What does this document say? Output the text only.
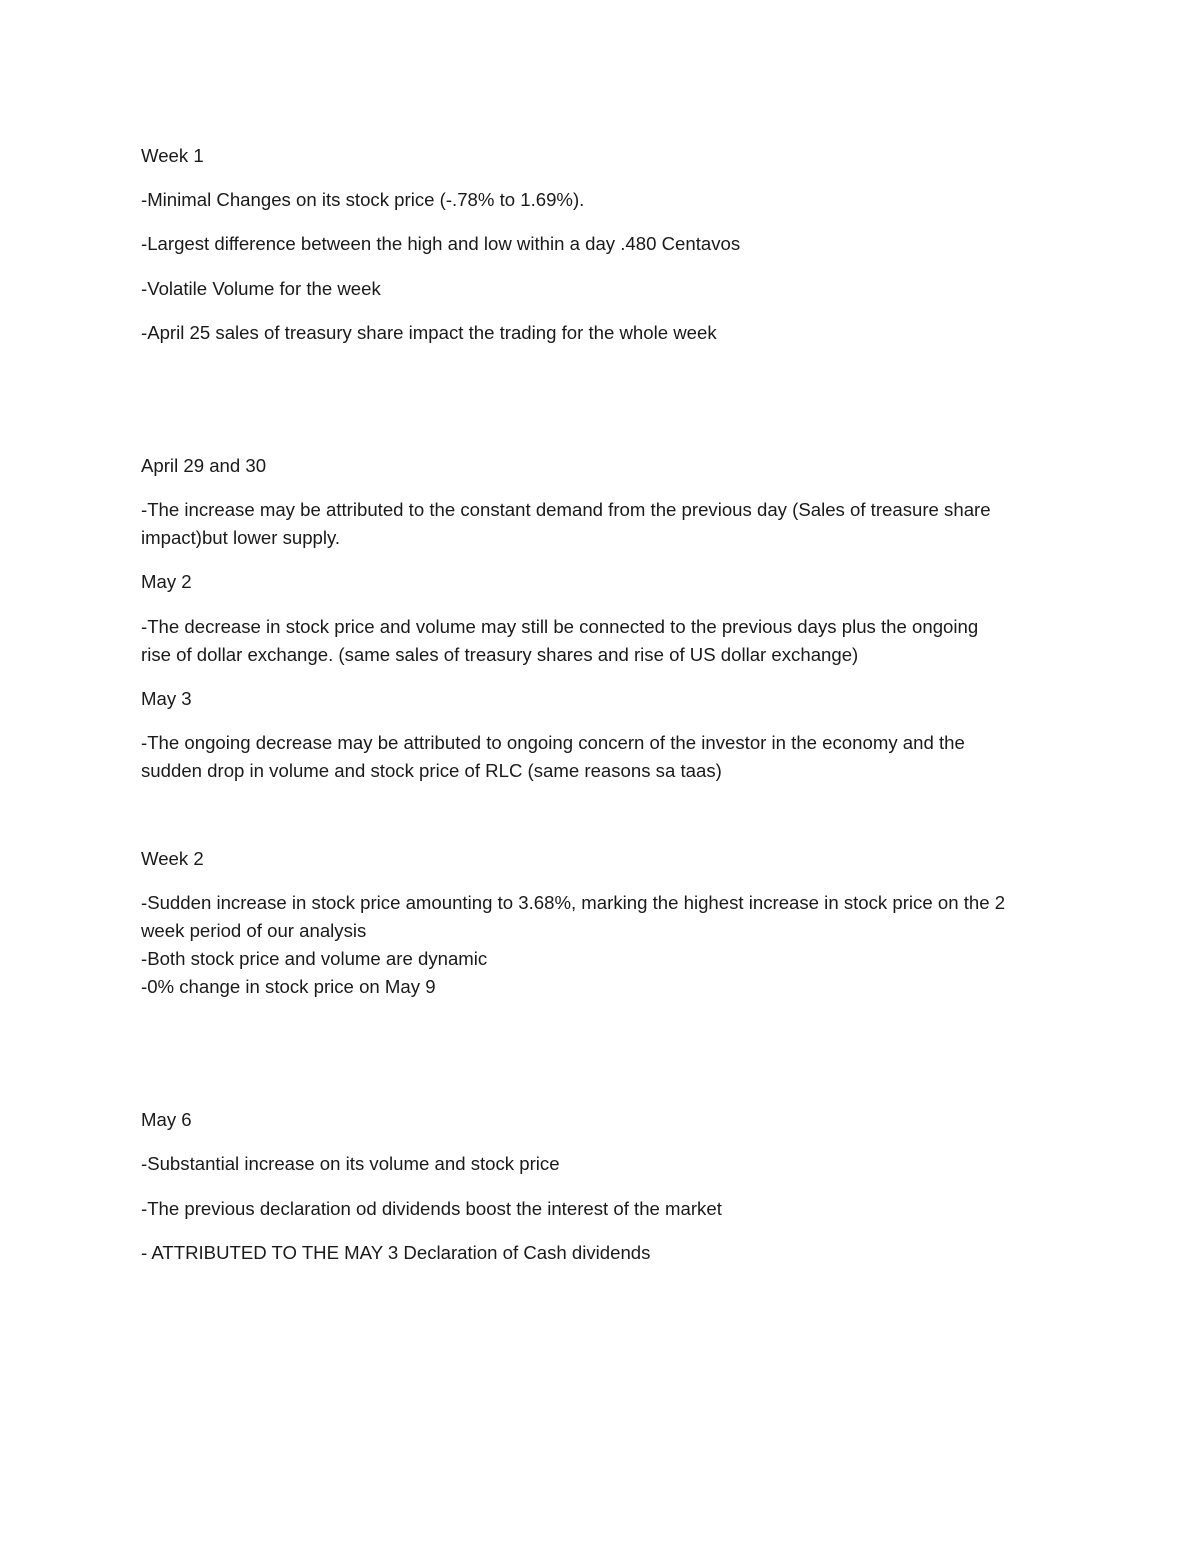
Week 1
-Minimal Changes on its stock price (-.78% to 1.69%).
-Largest difference between the high and low within a day .480 Centavos
-Volatile Volume for the week
-April 25 sales of treasury share impact the trading for the whole week
April 29 and 30
-The increase may be attributed to the constant demand from the previous day (Sales of treasure share
impact)but lower supply.
May 2
-The decrease in stock price and volume may still be connected to the previous days plus the ongoing
rise of dollar exchange. (same sales of treasury shares and rise of US dollar exchange)
May 3
-The ongoing decrease may be attributed to ongoing concern of the investor in the economy and the
sudden drop in volume and stock price of RLC (same reasons sa taas)
Week 2
-Sudden increase in stock price amounting to 3.68%, marking the highest increase in stock price on the 2
week period of our analysis
-Both stock price and volume are dynamic
-0% change in stock price on May 9
May 6
-Substantial increase on its volume and stock price
-The previous declaration od dividends boost the interest of the market
- ATTRIBUTED TO THE MAY 3 Declaration of Cash dividends
